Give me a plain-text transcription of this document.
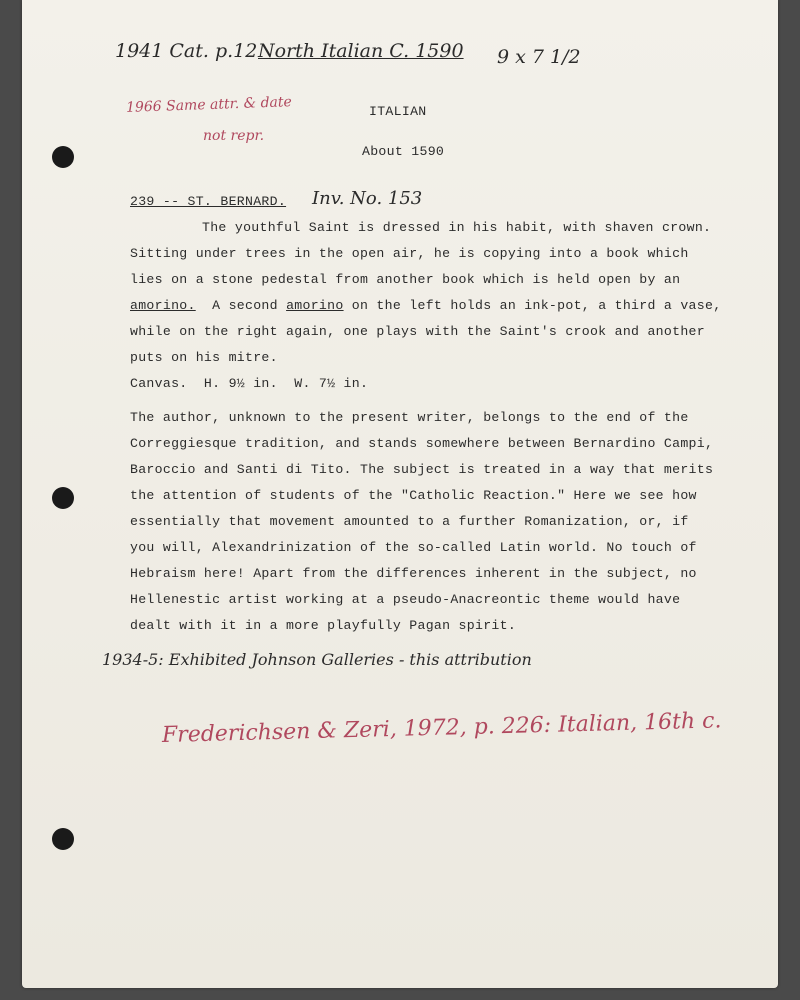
1941 Cat. p.12 North Italian C. 1590 9 x 7 1/2
1966 Same attr. & date
not repr.
ITALIAN
About 1590
239 -- ST. BERNARD. Inv. No. 153
The youthful Saint is dressed in his habit, with shaven crown.
Sitting under trees in the open air, he is copying into a book which
lies on a stone pedestal from another book which is held open by an
amorino.  A second amorino on the left holds an ink-pot, a third a vase,
while on the right again, one plays with the Saint's crook and another
puts on his mitre.
Canvas.  H. 9½ in.  W. 7½ in.
The author, unknown to the present writer, belongs to the end of the
Correggiesque tradition, and stands somewhere between Bernardino Campi,
Baroccio and Santi di Tito. The subject is treated in a way that merits
the attention of students of the "Catholic Reaction." Here we see how
essentially that movement amounted to a further Romanization, or, if
you will, Alexandrinization of the so-called Latin world. No touch of
Hebraism here! Apart from the differences inherent in the subject, no
Hellenestic artist working at a pseudo-Anacreontic theme would have
dealt with it in a more playfully Pagan spirit.
1934-5: Exhibited Johnson Galleries - this attribution
Frederichsen & Zeri, 1972, p. 226: Italian, 16th c.
